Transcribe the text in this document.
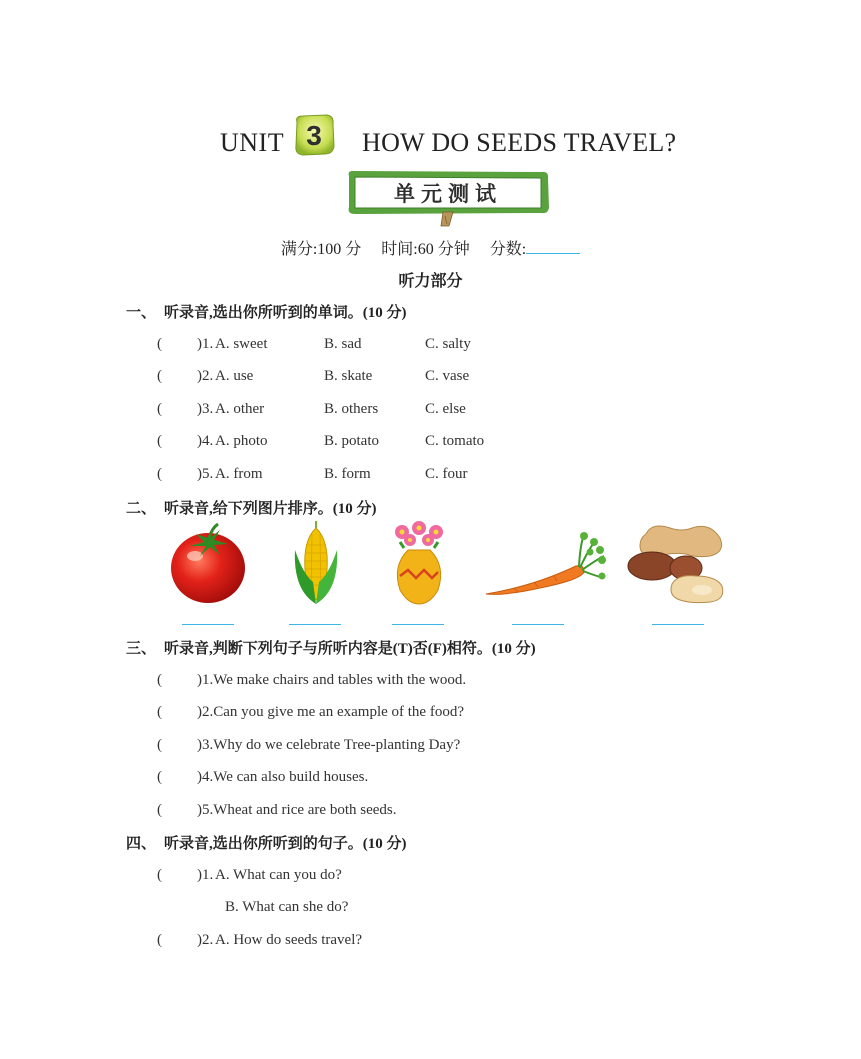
UNIT 3 HOW DO SEEDS TRAVEL?
单元测试
满分:100 分 时间:60 分钟 分数:
听力部分
一、 听录音,选出你所听到的单词。(10 分)
(
)1. A. sweet	B. sad	C. salty
(
)2. A. use	B. skate	C. vase
(
)3. A. other	B. others	C. else
(
)4. A. photo	B. potato	C. tomato
(
)5. A. from	B. form	C. four
二、 听录音,给下列图片排序。(10 分)
三、 听录音,判断下列句子与所听内容是(T)否(F)相符。(10 分)
(
)1.We make chairs and tables with the wood.
(
)2.Can you give me an example of the food?
(
)3.Why do we celebrate Tree-planting Day?
(
)4.We can also build houses.
(
)5.Wheat and rice are both seeds.
四、 听录音,选出你所听到的句子。(10 分)
(
)1. A. What can you do?
B. What can she do?
(
)2. A. How do seeds travel?
